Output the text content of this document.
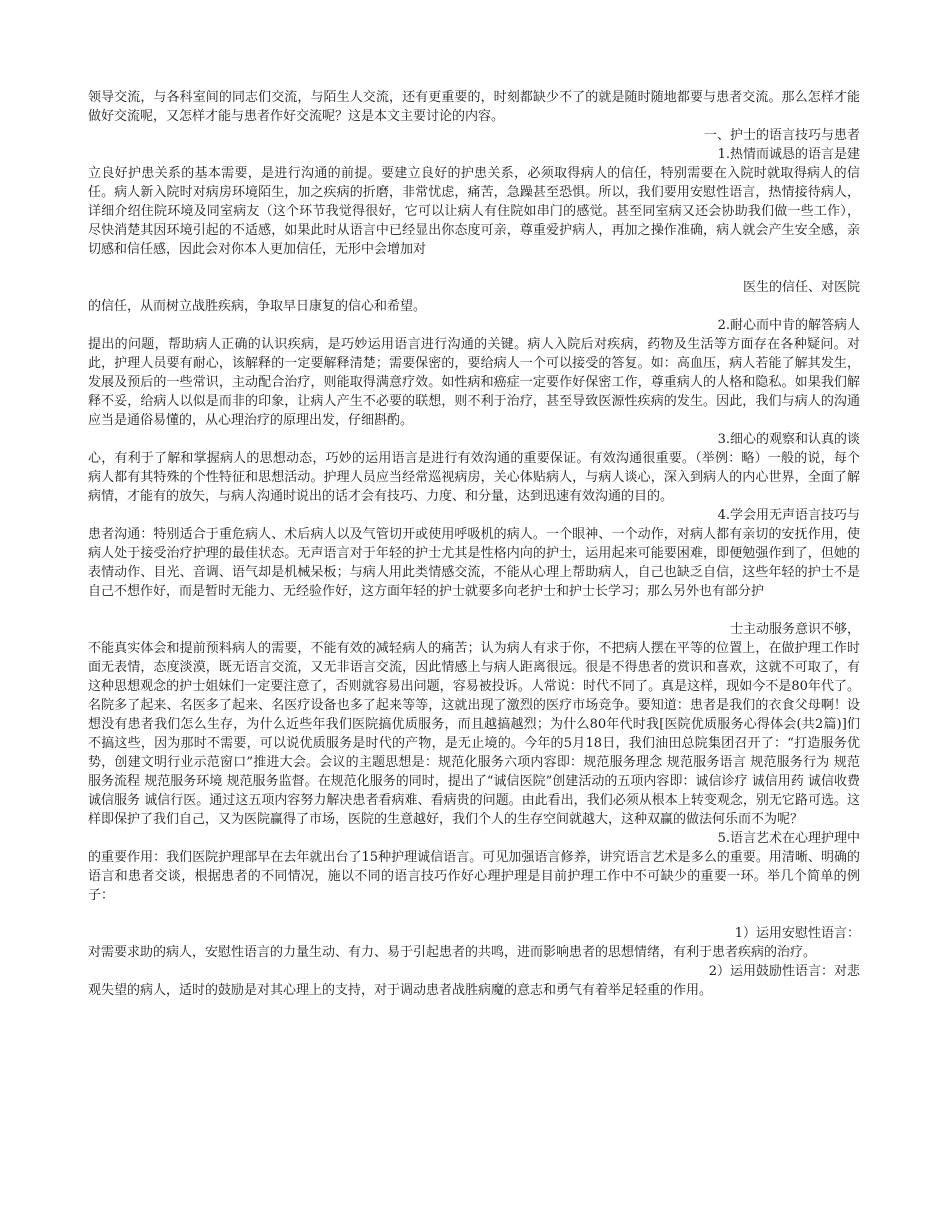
领导交流，与各科室间的同志们交流，与陌生人交流，还有更重要的，时刻都缺少不了的就是随时随地都要与患者交流。那么怎样才能做好交流呢，又怎样才能与患者作好交流呢？这是本文主要讨论的内容。

一、护士的语言技巧与患者

1.热情而诚恳的语言是建

立良好护患关系的基本需要，是进行沟通的前提。要建立良好的护患关系，必须取得病人的信任，特别需要在入院时就取得病人的信任。病人新入院时对病房环境陌生，加之疾病的折磨，非常忧虑，痛苦，急躁甚至恐惧。所以，我们要用安慰性语言，热情接待病人，详细介绍住院环境及同室病友（这个环节我觉得很好，它可以让病人有住院如串门的感觉。甚至同室病又还会协助我们做一些工作），尽快消楚其因环境引起的不适感，如果此时从语言中已经显出你态度可亲，尊重爱护病人，再加之操作准确，病人就会产生安全感，亲切感和信任感，因此会对你本人更加信任，无形中会增加对

医生的信任、对医院

的信任，从而树立战胜疾病，争取早日康复的信心和希望。

2.耐心而中肯的解答病人

提出的问题，帮助病人正确的认识疾病，是巧妙运用语言进行沟通的关键。病人入院后对疾病，药物及生活等方面存在各种疑问。对此，护理人员要有耐心，该解释的一定要解释清楚；需要保密的，要给病人一个可以接受的答复。如：高血压，病人若能了解其发生，发展及预后的一些常识，主动配合治疗，则能取得满意疗效。如性病和癌症一定要作好保密工作，尊重病人的人格和隐私。如果我们解释不妥，给病人以似是而非的印象，让病人产生不必要的联想，则不利于治疗，甚至导致医源性疾病的发生。因此，我们与病人的沟通应当是通俗易懂的，从心理治疗的原理出发，仔细斟酌。

3.细心的观察和认真的谈

心，有利于了解和掌握病人的思想动态，巧妙的运用语言是进行有效沟通的重要保证。有效沟通很重要。（举例：略）一般的说，每个病人都有其特殊的个性特征和思想活动。护理人员应当经常巡视病房，关心体贴病人，与病人谈心，深入到病人的内心世界，全面了解病情，才能有的放矢，与病人沟通时说出的话才会有技巧、力度、和分量，达到迅速有效沟通的目的。

4.学会用无声语言技巧与

患者沟通：特别适合于重危病人、术后病人以及气管切开或使用呼吸机的病人。一个眼神、一个动作，对病人都有亲切的安抚作用，使病人处于接受治疗护理的最佳状态。无声语言对于年轻的护士尤其是性格内向的护士，运用起来可能要困难，即便勉强作到了，但她的表情动作、目光、音调、语气却是机械呆板；与病人用此类情感交流，不能从心理上帮助病人，自己也缺乏自信，这些年轻的护士不是自己不想作好，而是暂时无能力、无经验作好，这方面年轻的护士就要多向老护士和护士长学习；那么另外也有部分护

士主动服务意识不够，

不能真实体会和提前预料病人的需要，不能有效的减轻病人的痛苦；认为病人有求于你，不把病人摆在平等的位置上，在做护理工作时面无表情，态度淡漠，既无语言交流，又无非语言交流，因此情感上与病人距离很远。很是不得患者的赏识和喜欢，这就不可取了，有这种思想观念的护士姐妹们一定要注意了，否则就容易出问题，容易被投诉。人常说：时代不同了。真是这样，现如今不是80年代了。名院多了起来、名医多了起来、名医疗设备也多了起来等等，这就出现了激烈的医疗市场竞争。要知道：患者是我们的衣食父母啊！设想没有患者我们怎么生存，为什么近些年我们医院搞优质服务，而且越搞越烈；为什么80年代时我[医院优质服务心得体会(共2篇)]们不搞这些，因为那时不需要，可以说优质服务是时代的产物，是无止境的。今年的5月18日，我们油田总院集团召开了：“打造服务优势，创建文明行业示范窗口”推进大会。会议的主题思想是：规范化服务六项内容即：规范服务理念 规范服务语言 规范服务行为 规范服务流程 规范服务环境 规范服务监督。在规范化服务的同时，提出了“诚信医院”创建活动的五项内容即：诚信诊疗 诚信用药 诚信收费 诚信服务 诚信行医。通过这五项内容努力解决患者看病难、看病贵的问题。由此看出，我们必须从根本上转变观念，别无它路可选。这样即保护了我们自己，又为医院赢得了市场，医院的生意越好，我们个人的生存空间就越大，这种双赢的做法何乐而不为呢？

5.语言艺术在心理护理中

的重要作用：我们医院护理部早在去年就出台了15种护理诚信语言。可见加强语言修养，讲究语言艺术是多么的重要。用清晰、明确的语言和患者交谈，根据患者的不同情况，施以不同的语言技巧作好心理护理是目前护理工作中不可缺少的重要一环。举几个简单的例子：

1）运用安慰性语言：

对需要求助的病人，安慰性语言的力量生动、有力、易于引起患者的共鸣，进而影响患者的思想情绪，有利于患者疾病的治疗。

2）运用鼓励性语言：对悲

观失望的病人，适时的鼓励是对其心理上的支持，对于调动患者战胜病魔的意志和勇气有着举足轻重的作用。
